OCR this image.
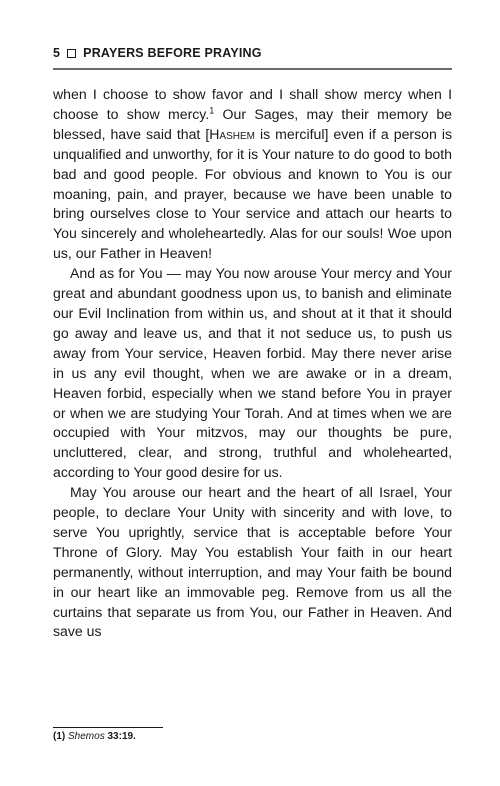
5 PRAYERS BEFORE PRAYING

when I choose to show favor and I shall show mercy when I choose to show mercy.$^1$ Our Sages, may their memory be blessed, have said that [Hashem is merciful] even if a person is unqualified and unworthy, for it is Your nature to do good to both bad and good people. For obvious and known to You is our moaning, pain, and prayer, because we have been unable to bring ourselves close to Your service and attach our hearts to You sincerely and wholeheartedly. Alas for our souls! Woe upon us, our Father in Heaven!

And as for You — may You now arouse Your mercy and Your great and abundant goodness upon us, to banish and eliminate our Evil Inclination from within us, and shout at it that it should go away and leave us, and that it not seduce us, to push us away from Your service, Heaven forbid. May there never arise in us any evil thought, when we are awake or in a dream, Heaven forbid, especially when we stand before You in prayer or when we are studying Your Torah. And at times when we are occupied with Your mitzvos, may our thoughts be pure, uncluttered, clear, and strong, truthful and wholehearted, according to Your good desire for us.

May You arouse our heart and the heart of all Israel, Your people, to declare Your Unity with sincerity and with love, to serve You uprightly, service that is acceptable before Your Throne of Glory. May You establish Your faith in our heart permanently, without interruption, and may Your faith be bound in our heart like an immovable peg. Remove from us all the curtains that separate us from You, our Father in Heaven. And save us

(1) Shemos 33:19.
